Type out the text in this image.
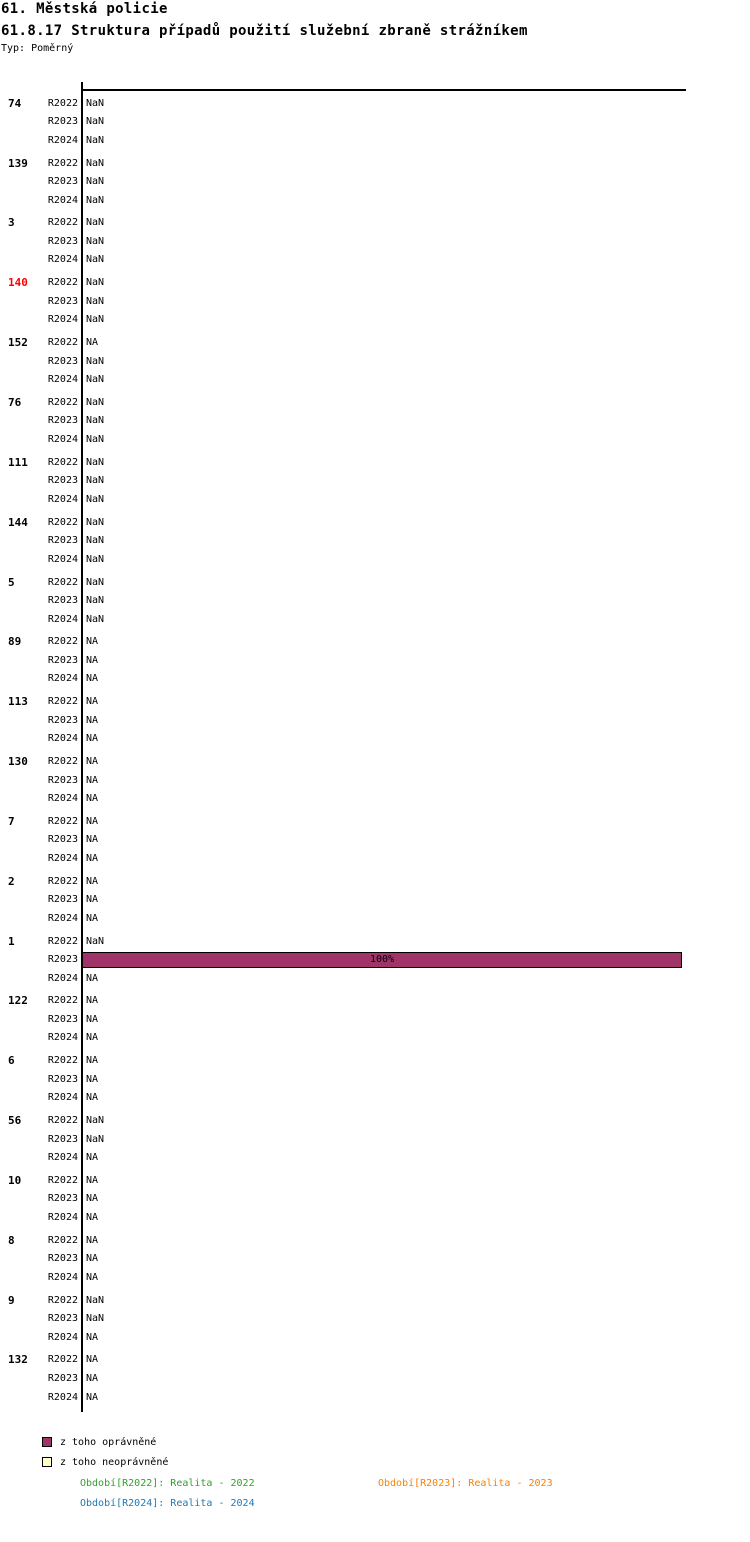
61. Městská policie
61.8.17 Struktura případů použití služební zbraně strážníkem
Typ: Poměrný
74	R2022 NaN
R2023 NaN
R2024 NaN
139	R2022 NaN
R2023 NaN
R2024 NaN
3	R2022 NaN
R2023 NaN
R2024 NaN
140	R2022 NaN
R2023 NaN
R2024 NaN
152	R2022 NA
R2023 NaN
R2024 NaN
76	R2022 NaN
R2023 NaN
R2024 NaN
111	R2022 NaN
R2023 NaN
R2024 NaN
144	R2022 NaN
R2023 NaN
R2024 NaN
5	R2022 NaN
R2023 NaN
R2024 NaN
89	R2022 NA
R2023 NA
R2024 NA
113	R2022 NA
R2023 NA
R2024 NA
130	R2022 NA
R2023 NA
R2024 NA
7	R2022 NA
R2023 NA
R2024 NA
2	R2022 NA
R2023 NA
R2024 NA
1	R2022 NaN
R2023	100%
R2024 NA
122	R2022 NA
R2023 NA
R2024 NA
6	R2022 NA
R2023 NA
R2024 NA
56	R2022 NaN
R2023 NaN
R2024 NA
10	R2022 NA
R2023 NA
R2024 NA
8	R2022 NA
R2023 NA
R2024 NA
9	R2022 NaN
R2023 NaN
R2024 NA
132	R2022 NA
R2023 NA
R2024 NA
z toho oprávněné
z toho neoprávněné
Období[R2022]: Realita - 2022	Období[R2023]: Realita - 2023
Období[R2024]: Realita - 2024
